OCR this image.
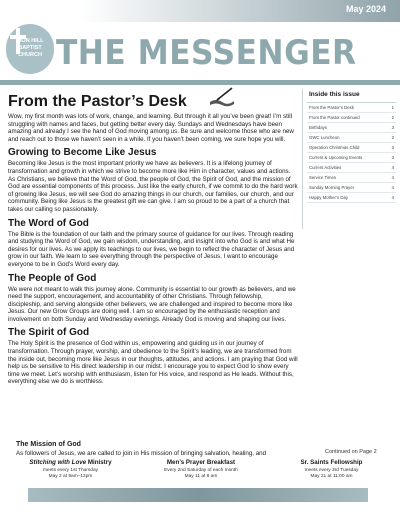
May 2024
LION HILL
BAPTIST
CHURCH THE MESSENGER
From the Pastor’s Desk

Wow, my first month was lots of work, change, and learning. But through it all you’ve been great! I’m still struggling with names and faces, but getting better every day. Sundays and Wednesdays have been amazing and already I see the hand of God moving among us. Be sure and welcome those who are new and reach out to those we haven’t seen in a while. If you haven’t been coming, we sure hope you will.

Growing to Become Like Jesus

Becoming like Jesus is the most important priority we have as believers. It is a lifelong journey of transformation and growth in which we strive to become more like Him in character, values and actions. As Christians, we believe that the Word of God, the people of God, the Spirit of God, and the mission of God are essential components of this process. Just like the early church, if we commit to do the hard work of growing like Jesus, we will see God do amazing things in our church, our families, our church, and our community. Being like Jesus is the greatest gift we can give. I am so proud to be a part of a church that takes our calling so passionately.

The Word of God

The Bible is the foundation of our faith and the primary source of guidance for our lives. Through reading and studying the Word of God, we gain wisdom, understanding, and insight into who God is and what He desires for our lives. As we apply its teachings to our lives, we begin to reflect the character of Jesus and grow in our faith. We learn to see everything through the perspective of Jesus. I want to encourage everyone to be in God’s Word every day.

The People of God

We were not meant to walk this journey alone. Community is essential to our growth as believers, and we need the support, encouragement, and accountability of other Christians. Through fellowship, discipleship, and serving alongside other believers, we are challenged and inspired to become more like Jesus. Our new Grow Groups are doing well. I am so encouraged by the enthusiastic reception and involvement on both Sunday and Wednesday evenings. Already God is moving and shaping our lives.

The Spirit of God

The Holy Spirit is the presence of God within us, empowering and guiding us in our journey of transformation. Through prayer, worship, and obedience to the Spirit’s leading, we are transformed from the inside out, becoming more like Jesus in our thoughts, attitudes, and actions. I am praying that God will help us be sensitive to His direct leadership in our midst. I encourage you to expect God to show every time we meet. Let’s worship with enthusiasm, listen for His voice, and respond as He leads. Without this, everything else we do is worthless.

Inside this issue
From the Pastor’s Desk	1
From the Pastor continued	2
Birthdays	3
GWC Luncheon	3
Operation Christmas Child	3
Current & Upcoming Events	3
Current Activities	4
Service Times	4
Sunday Morning Prayer	4
Happy Mother’s Day	4
The Mission of God
As followers of Jesus, we are called to join in His mission of bringing salvation, healing, and	Continued on Page 2
Stitching with Love Ministry
meets every 1st Thursday
May 2 at 9am–12pm
Men’s Prayer Breakfast
Every 2nd Saturday of each month
May 11 at 8 am
Sr. Saints Fellowship
meets every 3rd Tuesday
May 21 at 11:00 am
